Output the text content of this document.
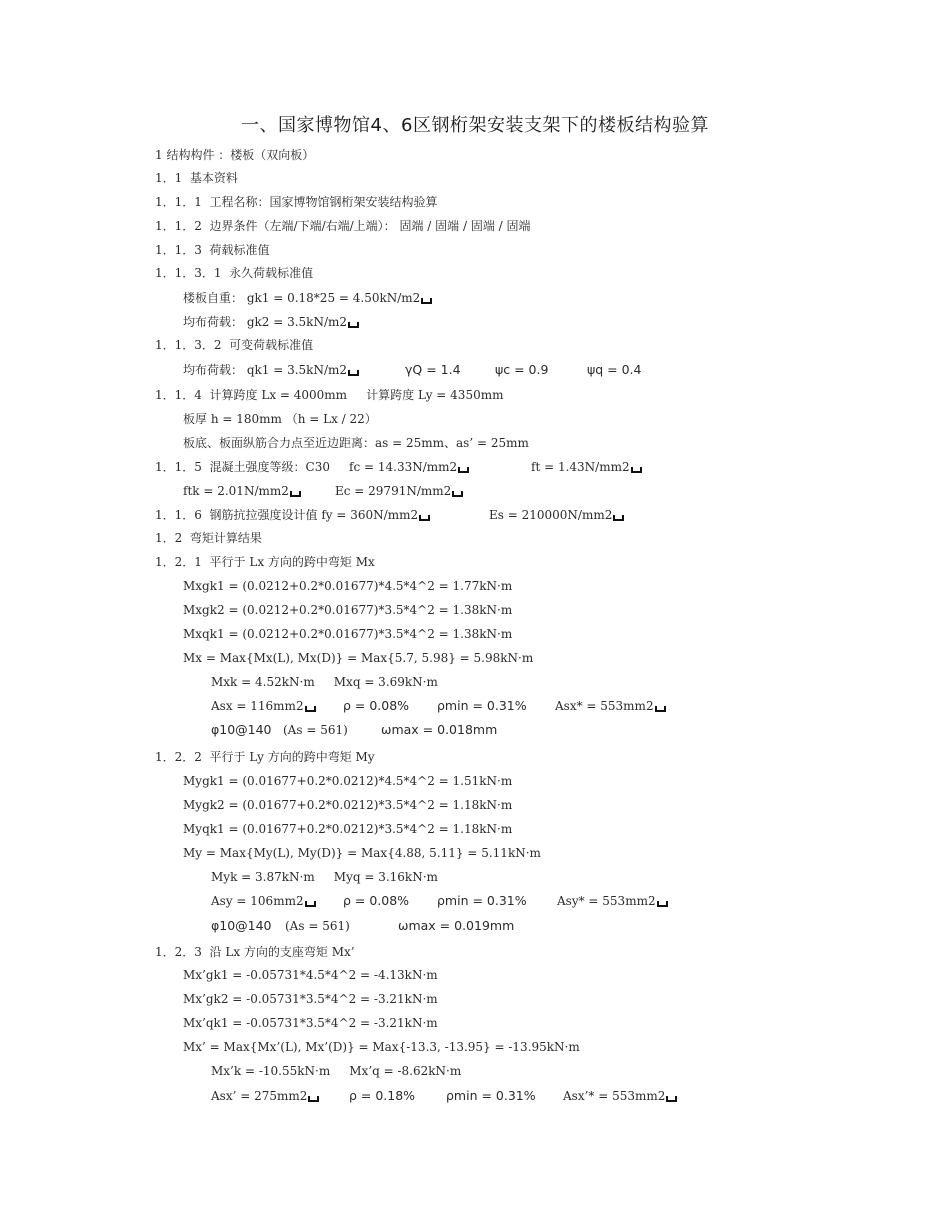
一、国家博物馆4、6区钢桁架安装支架下的楼板结构验算
1 结构构件 ：楼板（双向板）
1．1  基本资料
1．1．1  工程名称：国家博物馆钢桁架安装结构验算
1．1．2  边界条件（左端/下端/右端/上端）： 固端 / 固端 / 固端 / 固端
1．1．3  荷载标准值
1．1．3．1  永久荷载标准值
楼板自重： gk1 = 0.18*25 = 4.50kN/m2
均布荷载： gk2 = 3.5kN/m2
1．1．3．2  可变荷载标准值
均布荷载： qk1 = 3.5kN/m2	γQ = 1.4	ψc = 0.9	ψq = 0.4
1．1．4  计算跨度 Lx = 4000mm     计算跨度 Ly = 4350mm
板厚 h = 180mm （h = Lx / 22）
板底、板面纵筋合力点至近边距离：as = 25mm、as’ = 25mm
1．1．5  混凝土强度等级：C30     fc = 14.33N/mm2	ft = 1.43N/mm2
ftk = 2.01N/mm2	Ec = 29791N/mm2
1．1．6  钢筋抗拉强度设计值 fy = 360N/mm2	Es = 210000N/mm2
1．2  弯矩计算结果
1．2．1  平行于 Lx 方向的跨中弯矩 Mx
Mxgk1 = (0.0212+0.2*0.01677)*4.5*4^2 = 1.77kN·m
Mxgk2 = (0.0212+0.2*0.01677)*3.5*4^2 = 1.38kN·m
Mxqk1 = (0.0212+0.2*0.01677)*3.5*4^2 = 1.38kN·m
Mx = Max{Mx(L), Mx(D)} = Max{5.7, 5.98} = 5.98kN·m
Mxk = 4.52kN·m     Mxq = 3.69kN·m
Asx = 116mm2	ρ = 0.08% ρmin = 0.31% Asx* = 553mm2
φ10@140 (As = 561)	ωmax = 0.018mm
1．2．2  平行于 Ly 方向的跨中弯矩 My
Mygk1 = (0.01677+0.2*0.0212)*4.5*4^2 = 1.51kN·m
Mygk2 = (0.01677+0.2*0.0212)*3.5*4^2 = 1.18kN·m
Myqk1 = (0.01677+0.2*0.0212)*3.5*4^2 = 1.18kN·m
My = Max{My(L), My(D)} = Max{4.88, 5.11} = 5.11kN·m
Myk = 3.87kN·m     Myq = 3.16kN·m
Asy = 106mm2	ρ = 0.08% ρmin = 0.31%	Asy* = 553mm2
φ10@140 (As = 561)	ωmax = 0.019mm
1．2．3  沿 Lx 方向的支座弯矩 Mx’
Mx’gk1 = -0.05731*4.5*4^2 = -4.13kN·m
Mx’gk2 = -0.05731*3.5*4^2 = -3.21kN·m
Mx’qk1 = -0.05731*3.5*4^2 = -3.21kN·m
Mx’ = Max{Mx’(L), Mx’(D)} = Max{-13.3, -13.95} = -13.95kN·m
Mx’k = -10.55kN·m     Mx’q = -8.62kN·m
Asx’ = 275mm2	ρ = 0.18% ρmin = 0.31% Asx’* = 553mm2
